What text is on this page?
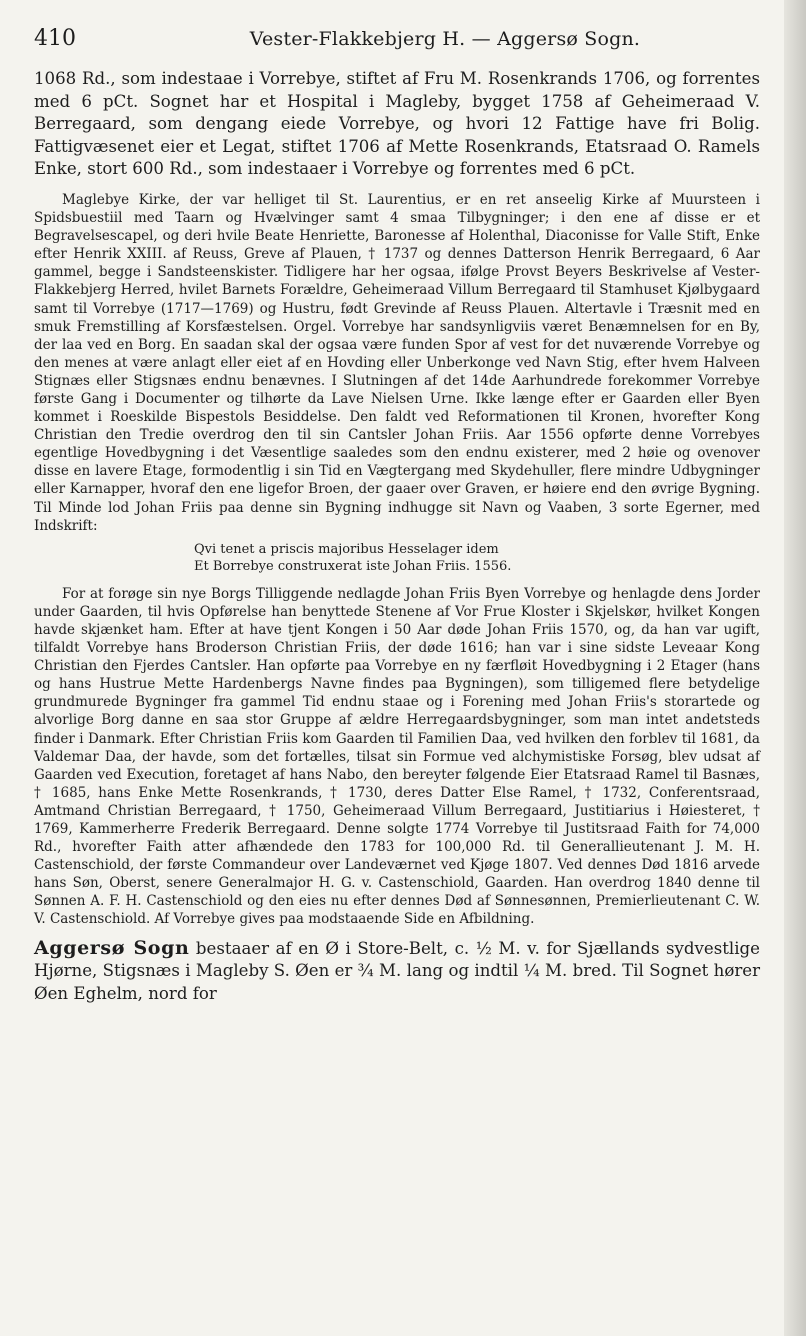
410	Vester-Flakkebjerg H. — Aggersø Sogn.

1068 Rd., som indestaae i Vorrebye, stiftet af Fru M. Rosenkrands 1706, og forrentes med 6 pCt. Sognet har et Hospital i Magleby, bygget 1758 af Geheimeraad V. Berregaard, som dengang eiede Vorrebye, og hvori 12 Fattige have fri Bolig. Fattigvæsenet eier et Legat, stiftet 1706 af Mette Rosenkrands, Etatsraad O. Ramels Enke, stort 600 Rd., som indestaaer i Vorrebye og forrentes med 6 pCt.

Maglebye Kirke, der var helliget til St. Laurentius, er en ret anseelig Kirke af Muursteen i Spidsbuestiil med Taarn og Hvælvinger samt 4 smaa Tilbygninger; i den ene af disse er et Begravelsescapel, og deri hvile Beate Henriette, Baronesse af Holenthal, Diaconisse for Valle Stift, Enke efter Henrik XXIII. af Reuss, Greve af Plauen, † 1737 og dennes Datterson Henrik Berregaard, 6 Aar gammel, begge i Sandsteenskister. Tidligere har her ogsaa, ifølge Provst Beyers Beskrivelse af Vester-Flakkebjerg Herred, hvilet Barnets Forældre, Geheimeraad Villum Berregaard til Stamhuset Kjølbygaard samt til Vorrebye (1717—1769) og Hustru, født Grevinde af Reuss Plauen. Altertavle i Træsnit med en smuk Fremstilling af Korsfæstelsen. Orgel. Vorrebye har sandsynligviis været Benæmnelsen for en By, der laa ved en Borg. En saadan skal der ogsaa være funden Spor af vest for det nuværende Vorrebye og den menes at være anlagt eller eiet af en Hovding eller Unberkonge ved Navn Stig, efter hvem Halveen Stignæs eller Stigsnæs endnu benævnes. I Slutningen af det 14de Aarhundrede forekommer Vorrebye første Gang i Documenter og tilhørte da Lave Nielsen Urne. Ikke længe efter er Gaarden eller Byen kommet i Roeskilde Bispestols Besiddelse. Den faldt ved Reformationen til Kronen, hvorefter Kong Christian den Tredie overdrog den til sin Cantsler Johan Friis. Aar 1556 opførte denne Vorrebyes egentlige Hovedbygning i det Væsentlige saaledes som den endnu existerer, med 2 høie og ovenover disse en lavere Etage, formodentlig i sin Tid en Vægtergang med Skydehuller, flere mindre Udbygninger eller Karnapper, hvoraf den ene ligefor Broen, der gaaer over Graven, er høiere end den øvrige Bygning. Til Minde lod Johan Friis paa denne sin Bygning indhugge sit Navn og Vaaben, 3 sorte Egerner, med Indskrift:

Qvi tenet a priscis majoribus Hesselager idem
Et Borrebye construxerat iste Johan Friis. 1556.

For at forøge sin nye Borgs Tilliggende nedlagde Johan Friis Byen Vorrebye og henlagde dens Jorder under Gaarden, til hvis Opførelse han benyttede Stenene af Vor Frue Kloster i Skjelskør, hvilket Kongen havde skjænket ham. Efter at have tjent Kongen i 50 Aar døde Johan Friis 1570, og, da han var ugift, tilfaldt Vorrebye hans Broderson Christian Friis, der døde 1616; han var i sine sidste Leveaar Kong Christian den Fjerdes Cantsler. Han opførte paa Vorrebye en ny færfløit Hovedbygning i 2 Etager (hans og hans Hustrue Mette Hardenbergs Navne findes paa Bygningen), som tilligemed flere betydelige grundmurede Bygninger fra gammel Tid endnu staae og i Forening med Johan Friis's storartede og alvorlige Borg danne en saa stor Gruppe af ældre Herregaardsbygninger, som man intet andetsteds finder i Danmark. Efter Christian Friis kom Gaarden til Familien Daa, ved hvilken den forblev til 1681, da Valdemar Daa, der havde, som det fortælles, tilsat sin Formue ved alchymistiske Forsøg, blev udsat af Gaarden ved Execution, foretaget af hans Nabo, den bereyter følgende Eier Etatsraad Ramel til Basnæs, † 1685, hans Enke Mette Rosenkrands, † 1730, deres Datter Else Ramel, † 1732, Conferentsraad, Amtmand Christian Berregaard, † 1750, Geheimeraad Villum Berregaard, Justitiarius i Høiesteret, † 1769, Kammerherre Frederik Berregaard. Denne solgte 1774 Vorrebye til Justitsraad Faith for 74,000 Rd., hvorefter Faith atter afhændede den 1783 for 100,000 Rd. til Generallieutenant J. M. H. Castenschiold, der første Commandeur over Landeværnet ved Kjøge 1807. Ved dennes Død 1816 arvede hans Søn, Oberst, senere Generalmajor H. G. v. Castenschiold, Gaarden. Han overdrog 1840 denne til Sønnen A. F. H. Castenschiold og den eies nu efter dennes Død af Sønnesønnen, Premierlieutenant C. W. V. Castenschiold. Af Vorrebye gives paa modstaaende Side en Afbildning.

Aggersø Sogn bestaaer af en Ø i Store-Belt, c. ½ M. v. for Sjællands sydvestlige Hjørne, Stigsnæs i Magleby S. Øen er ¾ M. lang og indtil ¼ M. bred. Til Sognet hører Øen Eghelm, nord for
